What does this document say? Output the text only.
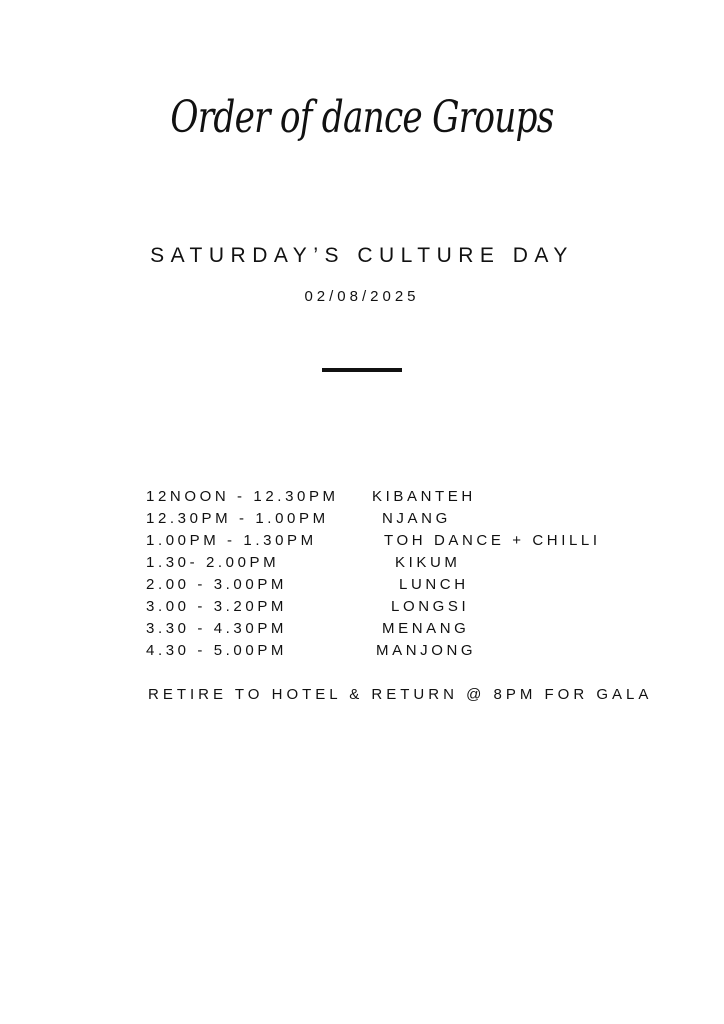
Order of dance Groups
SATURDAY’S CULTURE DAY
02/08/2025
12NOON - 12.30PM KIBANTEH
12.30PM - 1.00PM	NJANG
1.00PM - 1.30PM	TOH DANCE + CHILLI
1.30- 2.00PM	KIKUM
2.00 - 3.00PM	LUNCH
3.00 - 3.20PM	LONGSI
3.30 - 4.30PM	MENANG
4.30 - 5.00PM	MANJONG
RETIRE TO HOTEL & RETURN @ 8PM FOR GALA
